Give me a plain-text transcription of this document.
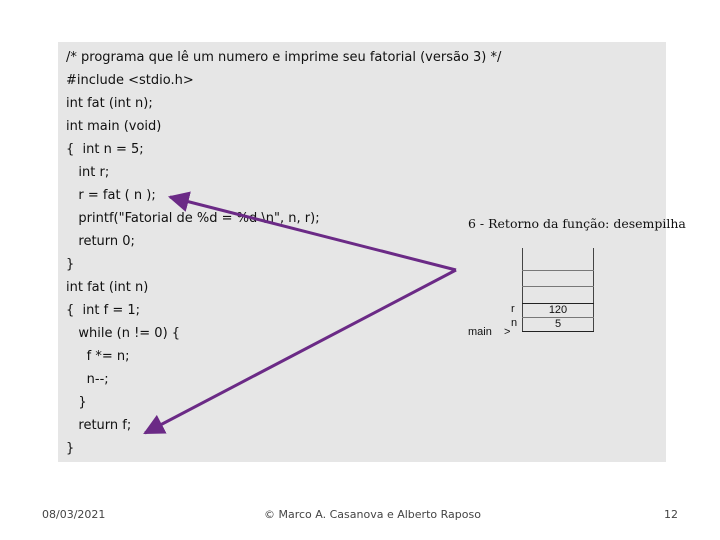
/* programa que lê um numero e imprime seu fatorial (versão 3) */
#include <stdio.h>
int fat (int n);
int main (void)
{  int n = 5;
int r;
r = fat ( n );
printf("Fatorial de %d = %d \n", n, r);
return 0;
}
int fat (int n)
{  int f = 1;
while (n != 0) {
f *= n;
n--;
}
return f;
}
6 - Retorno da função: desempilha
120
5
r
n
main >
08/03/2021	© Marco A. Casanova e Alberto Raposo	12
